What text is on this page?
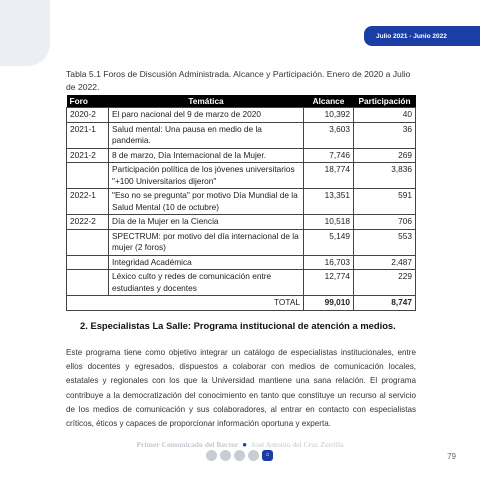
Julio 2021 - Junio 2022
Tabla 5.1 Foros de Discusión Administrada. Alcance y Participación. Enero de 2020 a Julio de 2022.
Foro	Temática	Alcance	Participación
2020-2	El paro nacional del 9 de marzo de 2020	10,392	40
2021-1	Salud mental: Una pausa en medio de la pandemia.	3,603	36
2021-2	8 de marzo, Día Internacional de la Mujer.	7,746	269
	Participación política de los jóvenes universitarios "+100 Universitarios dijeron"	18,774	3,836
2022-1	"Eso no se pregunta" por motivo Día Mundial de la Salud Mental (10 de octubre)	13,351	591
2022-2	Día de la Mujer en la Ciencia	10,518	706
	SPECTRUM: por motivo del día internacional de la mujer (2 foros)	5,149	553
	Integridad Académica	16,703	2,487
	Léxico culto y redes de comunicación entre estudiantes y docentes	12,774	229
TOTAL		99,010	8,747
2. Especialistas La Salle: Programa institucional de atención a medios.
Este programa tiene como objetivo integrar un catálogo de especialistas institucionales, entre ellos docentes y egresados, dispuestos a colaborar con medios de comunicación locales, estatales y regionales con los que la Universidad mantiene una sana relación. El programa contribuye a la democratización del conocimiento en tanto que constituye un recurso al servicio de los medios de comunicación y sus colaboradores, al entrar en contacto con especialistas críticos, éticos y capaces de proporcionar información oportuna y experta.
Primer Comunicado del Rector ● José Antonio del Cruz Zorrilla
⌂	79
